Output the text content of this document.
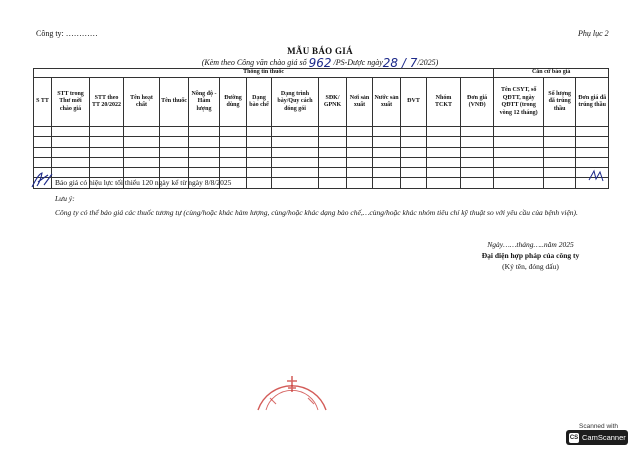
Công ty: …………	Phụ lục 2
MẪU BÁO GIÁ
(Kèm theo Công văn chào giá số 962 /PS-Dược ngày28 / 7/2025)
Thông tin thuốc															Căn cứ báo giá		
S TT	STT trong Thư mời chào giá	STT theo TT 20/2022	Tên hoạt chất	Tên thuốc	Nồng độ - Hàm lượng	Đường dùng	Dạng bào chế	Dạng trình bày/Quy cách đóng gói	SĐK/ GPNK	Nơi sản xuất	Nước sản xuất	ĐVT	Nhóm TCKT	Đơn giá (VNĐ)	Tên CSYT, số QĐTT, ngày QĐTT (trong vòng 12 tháng)	Số lượng đã trúng thầu	Đơn giá đã trúng thầu

Báo giá có hiệu lực tối thiểu 120 ngày kể từ ngày 8/8/2025
Lưu ý:
Công ty có thể báo giá các thuốc tương tự (cùng/hoặc khác hàm lượng, cùng/hoặc khác dạng bào chế,…cùng/hoặc khác nhóm tiêu chí kỹ thuật so với yêu cầu của bệnh viện).
Ngày……tháng…..năm 2025
Đại diện hợp pháp của công ty
(Ký tên, đóng dấu)
Scanned with
CS CamScanner
